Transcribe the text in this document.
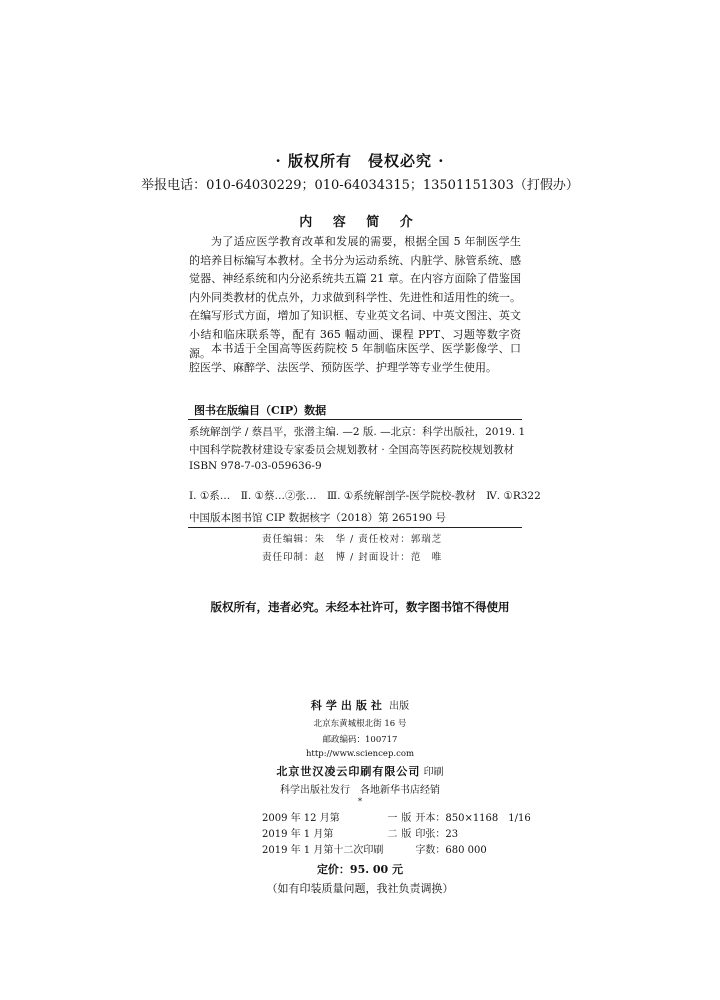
· 版权所有　侵权必究 ·
举报电话：010-64030229；010-64034315；13501151303（打假办）
内 容 简 介
为了适应医学教育改革和发展的需要，根据全国 5 年制医学生的培养目标编写本教材。全书分为运动系统、内脏学、脉管系统、感觉器、神经系统和内分泌系统共五篇 21 章。在内容方面除了借鉴国内外同类教材的优点外，力求做到科学性、先进性和适用性的统一。在编写形式方面，增加了知识框、专业英文名词、中英文图注、英文小结和临床联系等，配有 365 幅动画、课程 PPT、习题等数字资源。 本书适于全国高等医药院校 5 年制临床医学、医学影像学、口腔医学、麻醉学、法医学、预防医学、护理学等专业学生使用。
图书在版编目（CIP）数据
系统解剖学 / 蔡昌平，张潜主编. —2 版. —北京：科学出版社，2019. 1
中国科学院教材建设专家委员会规划教材 · 全国高等医药院校规划教材
ISBN 978-7-03-059636-9
Ⅰ. ①系…　Ⅱ. ①蔡…②张…　Ⅲ. ①系统解剖学-医学院校-教材　Ⅳ. ①R322
中国版本图书馆 CIP 数据核字（2018）第 265190 号
责任编辑：朱　华 / 责任校对：郭瑞芝
责任印制：赵　博 / 封面设计：范　唯
版权所有，违者必究。未经本社许可，数字图书馆不得使用
科学出版社 出版
北京东黄城根北街 16 号
邮政编码：100717
http://www.sciencep.com
北京世汉凌云印刷有限公司 印刷
科学出版社发行　各地新华书店经销
*
2009 年 12 月第	一	版	开本：850×1168　1/16
2019 年 1 月第	二	版	印张：23
2019 年 1 月第十二次印刷			字数：680 000
定价：95. 00 元
（如有印装质量问题，我社负责调换）
